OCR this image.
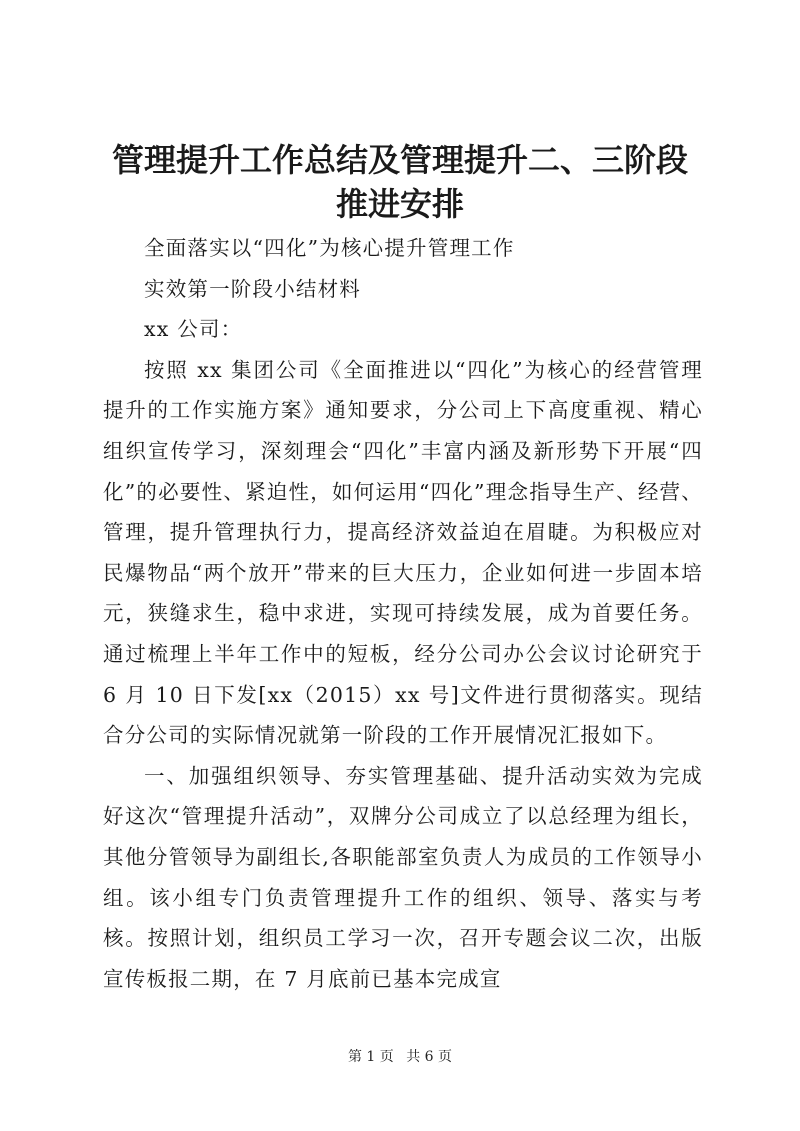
管理提升工作总结及管理提升二、三阶段推进安排

全面落实以“四化”为核心提升管理工作

实效第一阶段小结材料

xx 公司：

按照 xx 集团公司《全面推进以“四化”为核心的经营管理提升的工作实施方案》通知要求，分公司上下高度重视、精心组织宣传学习，深刻理会“四化”丰富内涵及新形势下开展“四化”的必要性、紧迫性，如何运用“四化”理念指导生产、经营、管理，提升管理执行力，提高经济效益迫在眉睫。为积极应对民爆物品“两个放开”带来的巨大压力，企业如何进一步固本培元，狭缝求生，稳中求进，实现可持续发展，成为首要任务。通过梳理上半年工作中的短板，经分公司办公会议讨论研究于 6 月 10 日下发[xx（2015）xx 号]文件进行贯彻落实。现结合分公司的实际情况就第一阶段的工作开展情况汇报如下。

一、加强组织领导、夯实管理基础、提升活动实效为完成好这次“管理提升活动”，双牌分公司成立了以总经理为组长，其他分管领导为副组长,各职能部室负责人为成员的工作领导小组。该小组专门负责管理提升工作的组织、领导、落实与考核。按照计划，组织员工学习一次，召开专题会议二次，出版宣传板报二期，在 7 月底前已基本完成宣

第 1 页 共 6 页
